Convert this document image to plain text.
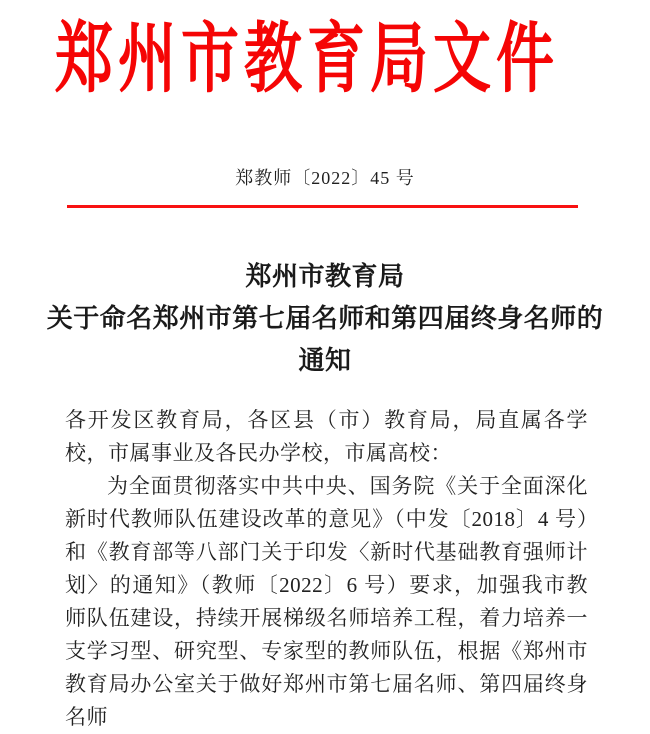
郑州市教育局文件
郑教师〔2022〕45 号
郑州市教育局
关于命名郑州市第七届名师和第四届终身名师的
通知

各开发区教育局，各区县（市）教育局，局直属各学校，市属事业及各民办学校，市属高校：

为全面贯彻落实中共中央、国务院《关于全面深化新时代教师队伍建设改革的意见》（中发〔2018〕4 号）和《教育部等八部门关于印发〈新时代基础教育强师计划〉的通知》（教师〔2022〕6 号）要求，加强我市教师队伍建设，持续开展梯级名师培养工程，着力培养一支学习型、研究型、专家型的教师队伍，根据《郑州市教育局办公室关于做好郑州市第七届名师、第四届终身名师
